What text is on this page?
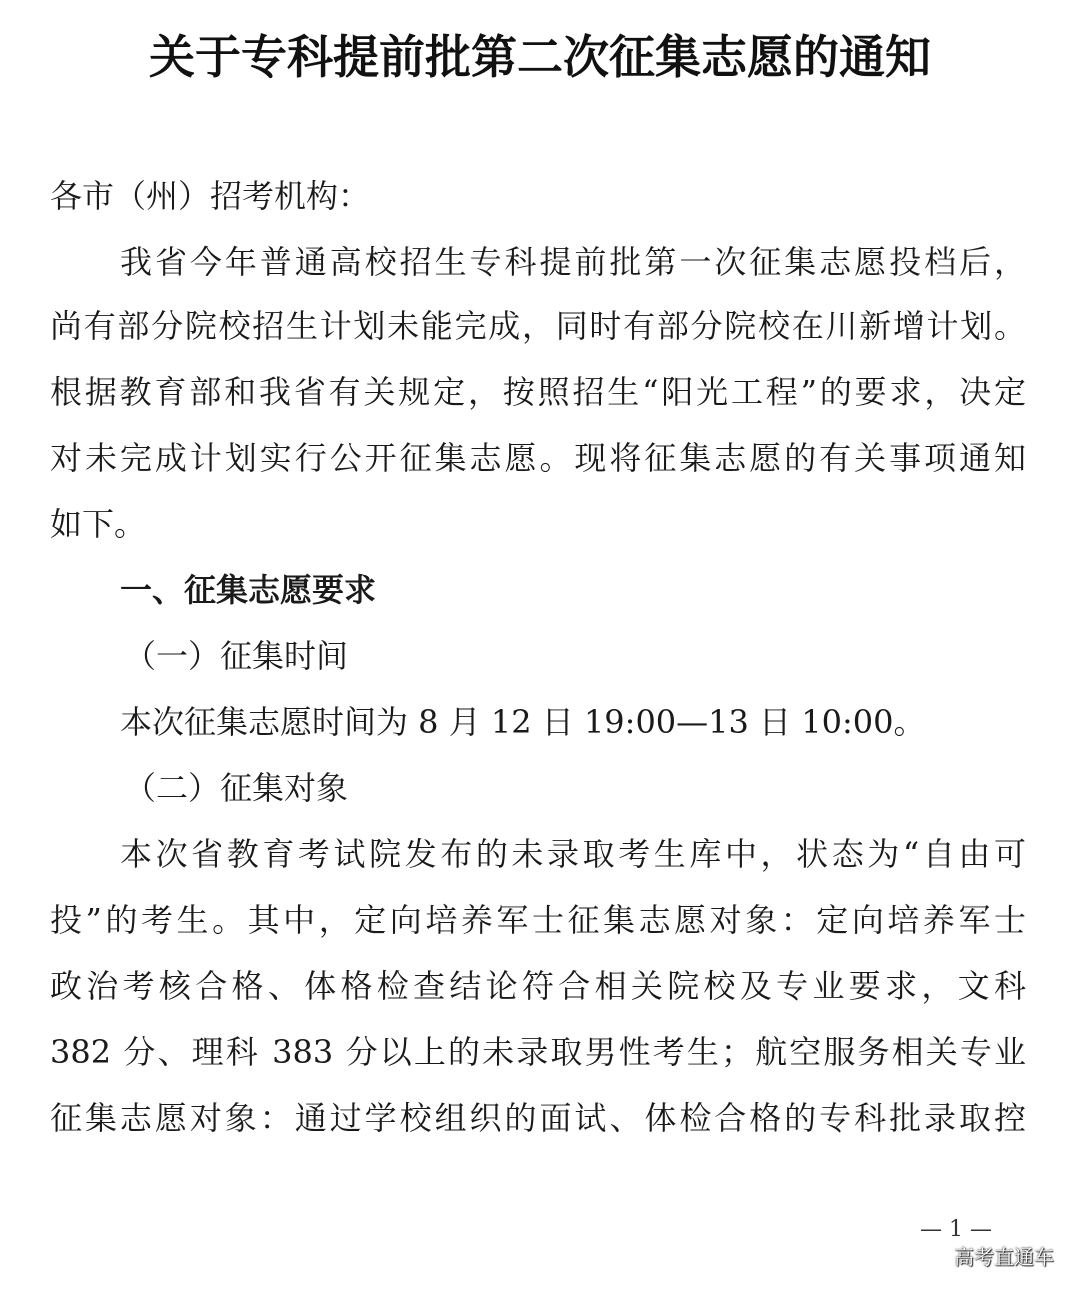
关于专科提前批第二次征集志愿的通知
各市（州）招考机构：
我省今年普通高校招生专科提前批第一次征集志愿投档后，
尚有部分院校招生计划未能完成，同时有部分院校在川新增计划。
根据教育部和我省有关规定，按照招生“阳光工程”的要求，决定
对未完成计划实行公开征集志愿。现将征集志愿的有关事项通知
如下。
一、征集志愿要求
（一）征集时间
本次征集志愿时间为 8 月 12 日 19:00—13 日 10:00。
（二）征集对象
本次省教育考试院发布的未录取考生库中，状态为“自由可
投”的考生。其中，定向培养军士征集志愿对象：定向培养军士
政治考核合格、体格检查结论符合相关院校及专业要求，文科
382 分、理科 383 分以上的未录取男性考生；航空服务相关专业
征集志愿对象：通过学校组织的面试、体检合格的专科批录取控
— 1 —
高考直通车
